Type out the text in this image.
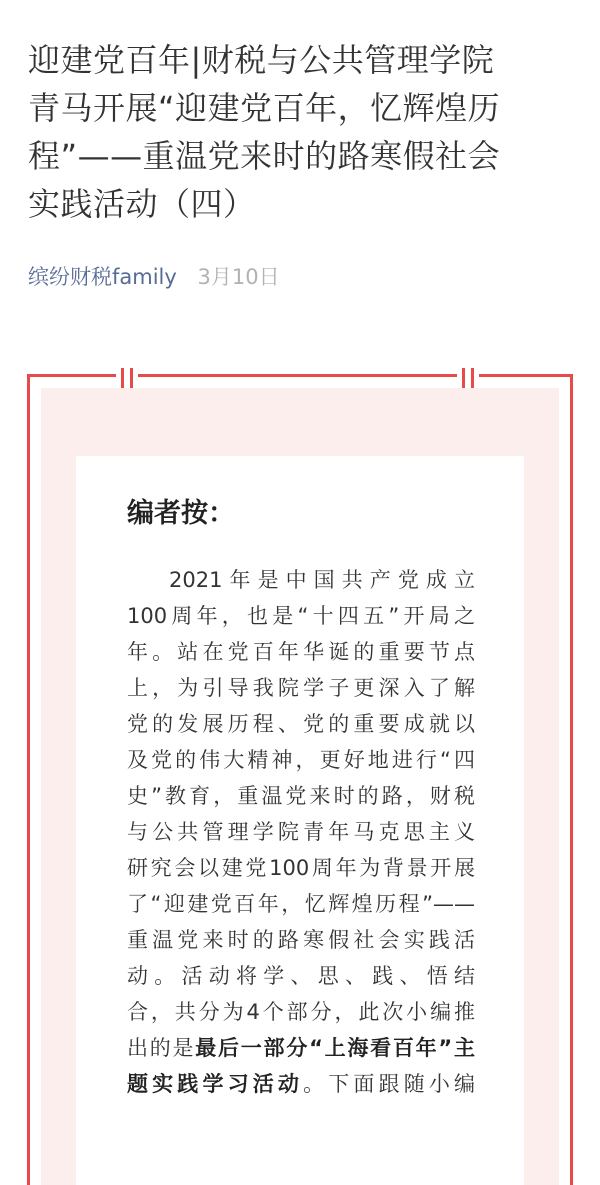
迎建党百年|财税与公共管理学院
青马开展“迎建党百年，忆辉煌历
程”——重温党来时的路寒假社会
实践活动（四）
缤纷财税family 3月10日
编者按：
2021年是中国共产党成立
100周年，也是“十四五”开局之
年。站在党百年华诞的重要节点
上，为引导我院学子更深入了解
党的发展历程、党的重要成就以
及党的伟大精神，更好地进行“四
史”教育，重温党来时的路，财税
与公共管理学院青年马克思主义
研究会以建党100周年为背景开展
了“迎建党百年，忆辉煌历程”——
重温党来时的路寒假社会实践活
动。活动将学、思、践、悟结
合，共分为4个部分，此次小编推
出的是最后一部分“上海看百年”主
题实践学习活动。下面跟随小编
